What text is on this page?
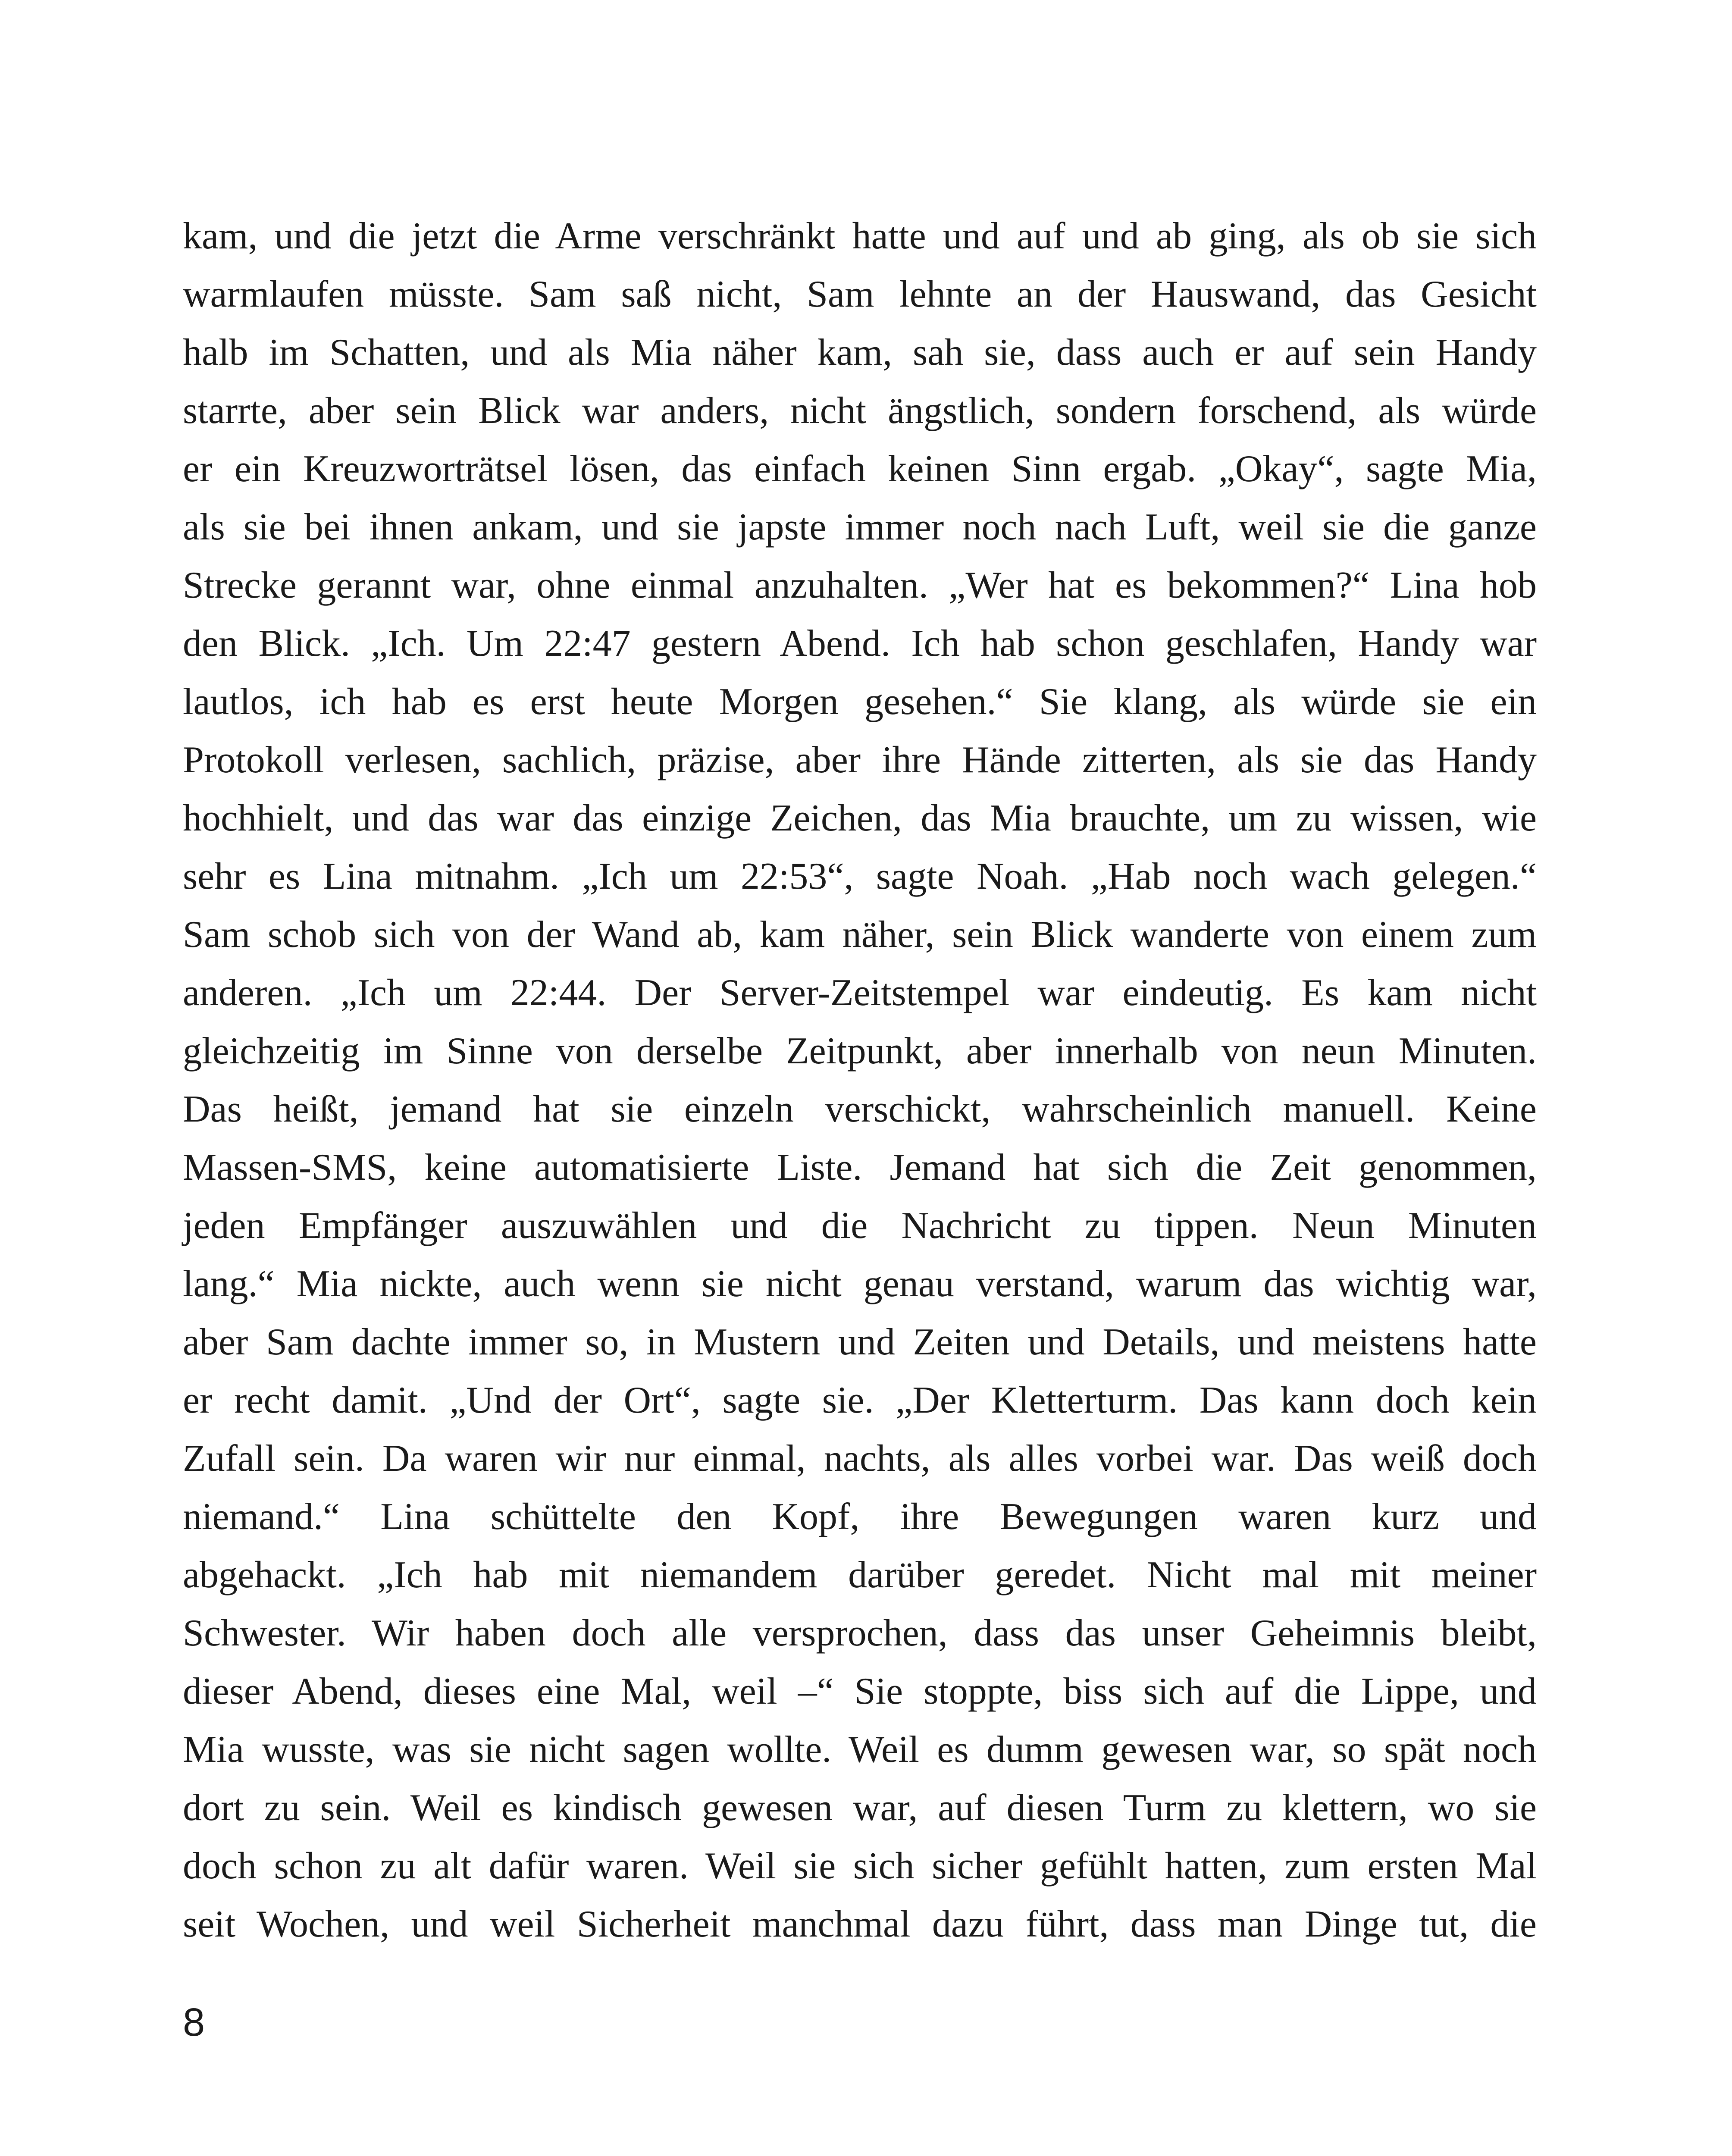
kam, und die jetzt die Arme verschränkt hatte und auf und ab ging, als ob sie sich
warmlaufen müsste. Sam saß nicht, Sam lehnte an der Hauswand, das Gesicht
halb im Schatten, und als Mia näher kam, sah sie, dass auch er auf sein Handy
starrte, aber sein Blick war anders, nicht ängstlich, sondern forschend, als würde
er ein Kreuzworträtsel lösen, das einfach keinen Sinn ergab. „Okay“, sagte Mia,
als sie bei ihnen ankam, und sie japste immer noch nach Luft, weil sie die ganze
Strecke gerannt war, ohne einmal anzuhalten. „Wer hat es bekommen?“ Lina hob
den Blick. „Ich. Um 22:47 gestern Abend. Ich hab schon geschlafen, Handy war
lautlos, ich hab es erst heute Morgen gesehen.“ Sie klang, als würde sie ein
Protokoll verlesen, sachlich, präzise, aber ihre Hände zitterten, als sie das Handy
hochhielt, und das war das einzige Zeichen, das Mia brauchte, um zu wissen, wie
sehr es Lina mitnahm. „Ich um 22:53“, sagte Noah. „Hab noch wach gelegen.“
Sam schob sich von der Wand ab, kam näher, sein Blick wanderte von einem zum
anderen. „Ich um 22:44. Der Server-Zeitstempel war eindeutig. Es kam nicht
gleichzeitig im Sinne von derselbe Zeitpunkt, aber innerhalb von neun Minuten.
Das heißt, jemand hat sie einzeln verschickt, wahrscheinlich manuell. Keine
Massen-SMS, keine automatisierte Liste. Jemand hat sich die Zeit genommen,
jeden Empfänger auszuwählen und die Nachricht zu tippen. Neun Minuten
lang.“ Mia nickte, auch wenn sie nicht genau verstand, warum das wichtig war,
aber Sam dachte immer so, in Mustern und Zeiten und Details, und meistens hatte
er recht damit. „Und der Ort“, sagte sie. „Der Kletterturm. Das kann doch kein
Zufall sein. Da waren wir nur einmal, nachts, als alles vorbei war. Das weiß doch
niemand.“ Lina schüttelte den Kopf, ihre Bewegungen waren kurz und
abgehackt. „Ich hab mit niemandem darüber geredet. Nicht mal mit meiner
Schwester. Wir haben doch alle versprochen, dass das unser Geheimnis bleibt,
dieser Abend, dieses eine Mal, weil –“ Sie stoppte, biss sich auf die Lippe, und
Mia wusste, was sie nicht sagen wollte. Weil es dumm gewesen war, so spät noch
dort zu sein. Weil es kindisch gewesen war, auf diesen Turm zu klettern, wo sie
doch schon zu alt dafür waren. Weil sie sich sicher gefühlt hatten, zum ersten Mal
seit Wochen, und weil Sicherheit manchmal dazu führt, dass man Dinge tut, die
8
